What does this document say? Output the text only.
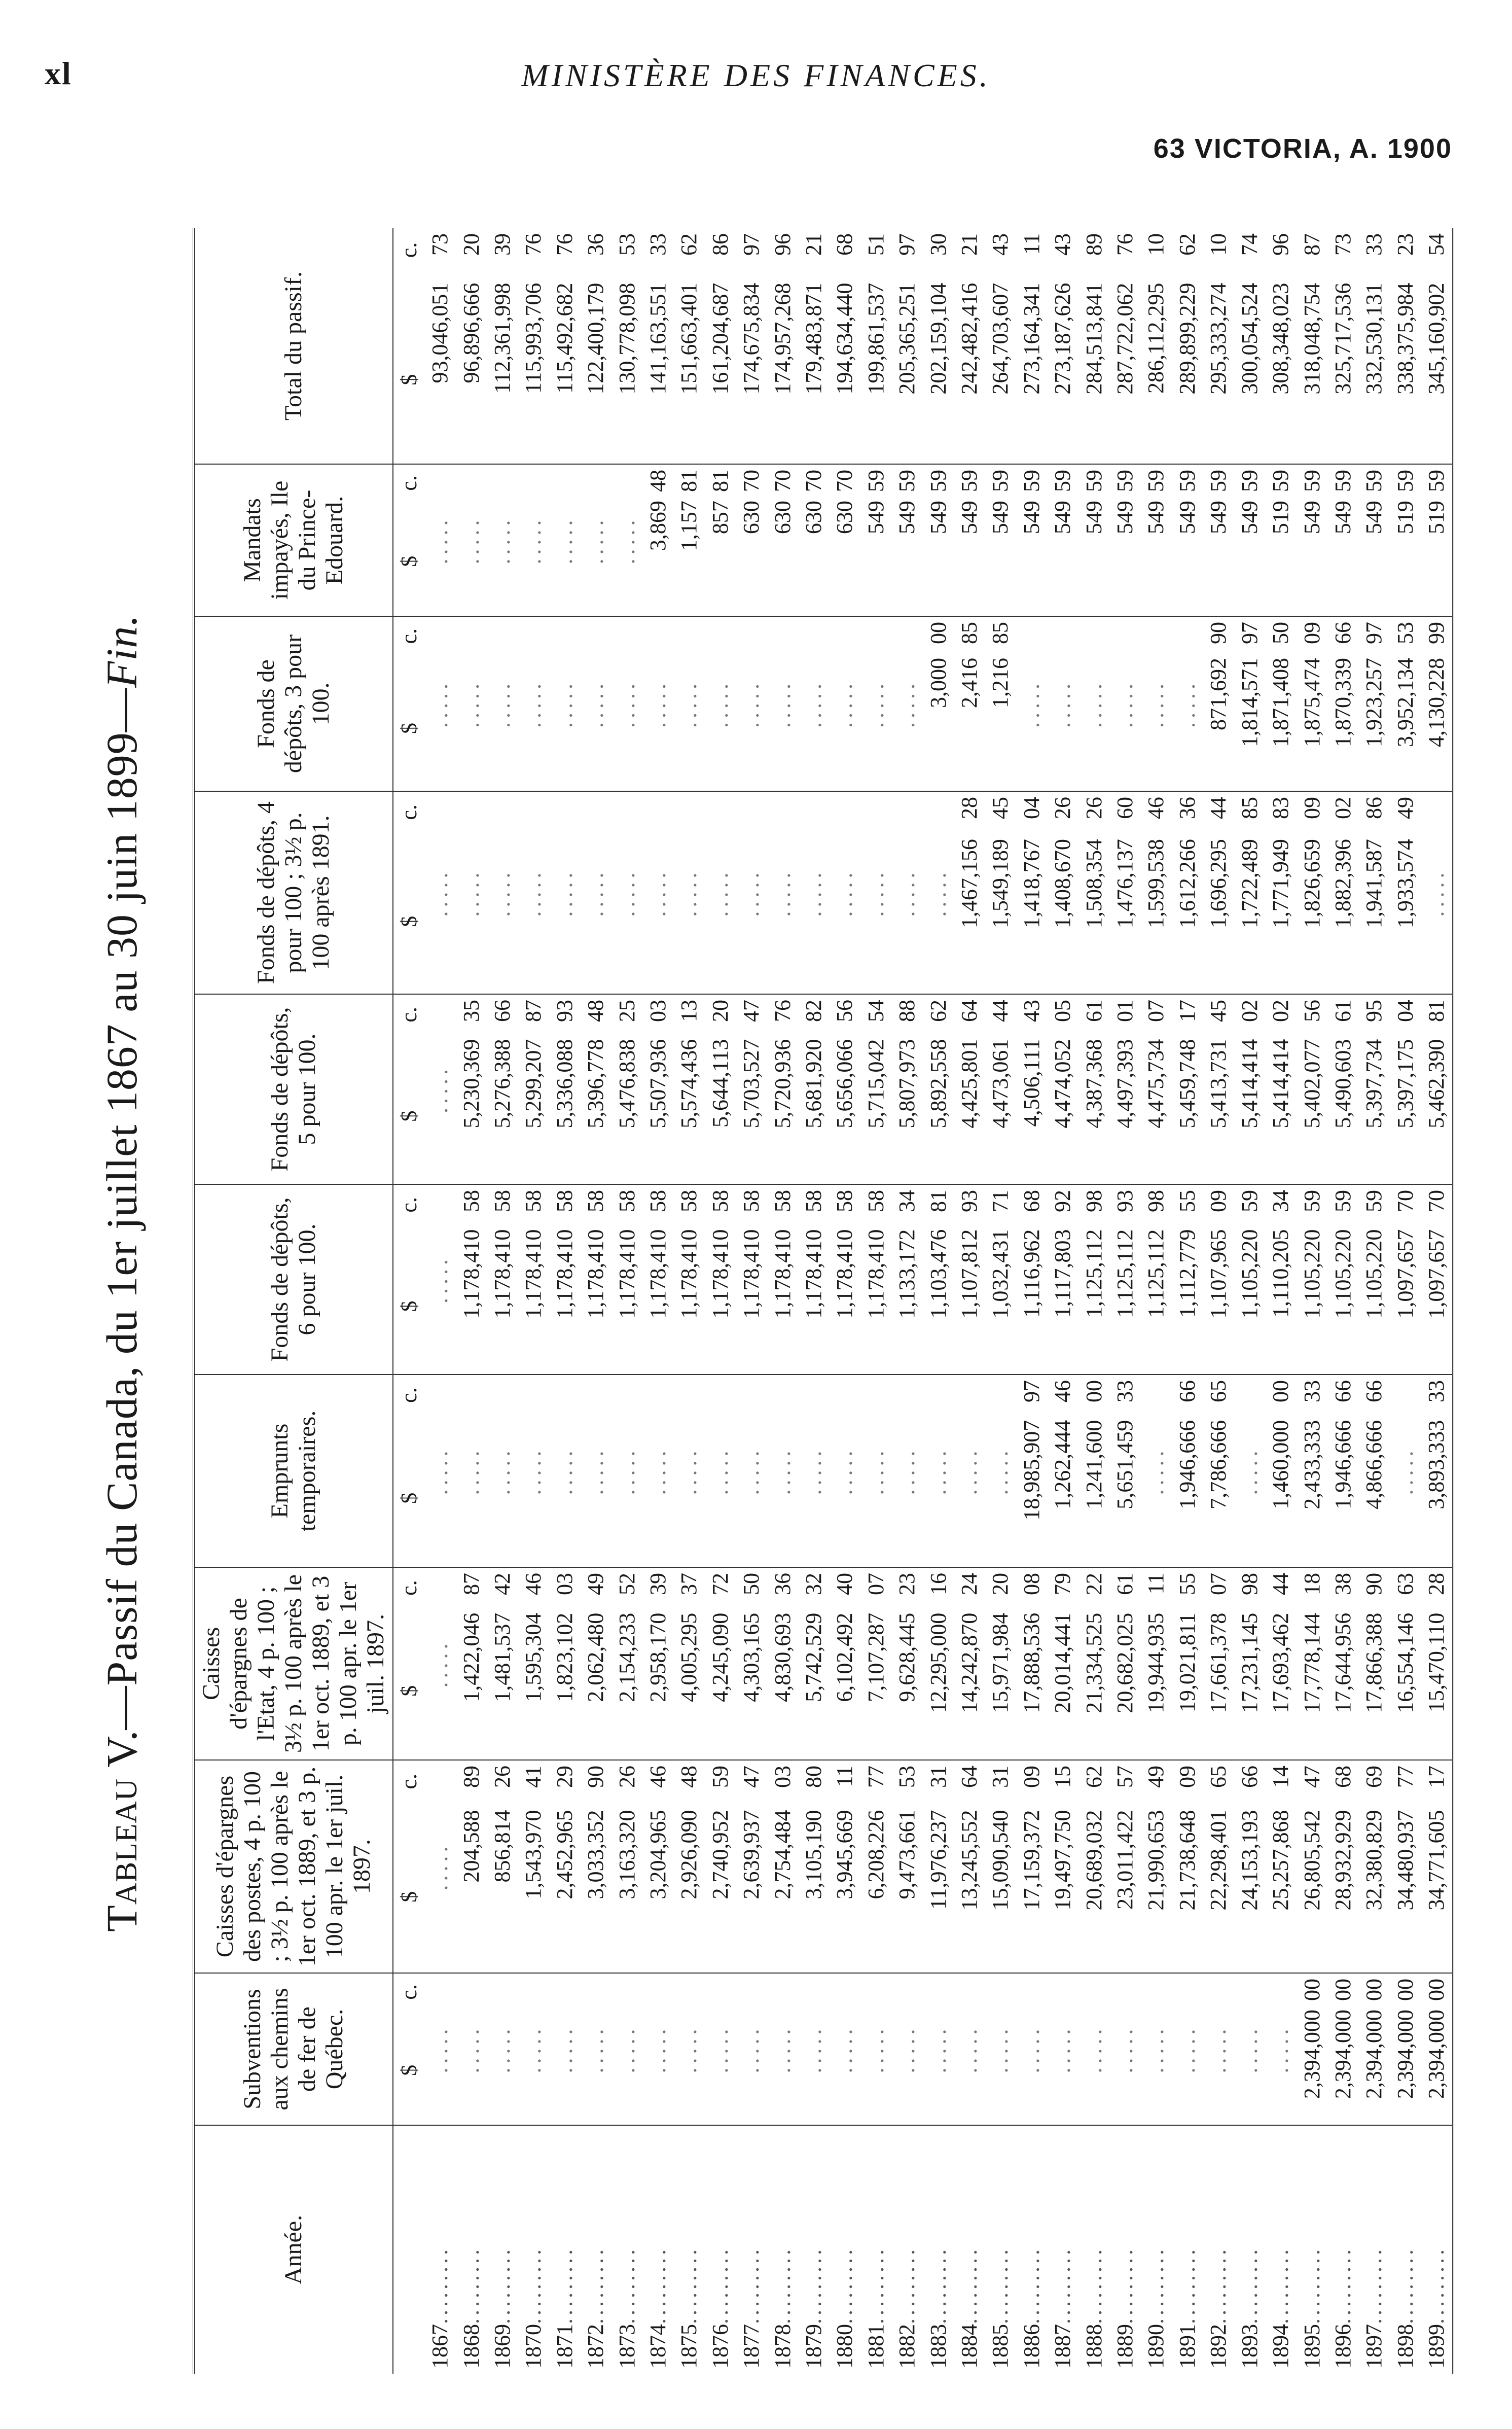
xl	MINISTÈRE DES FINANCES.
63 VICTORIA, A. 1900
Tableau V.—Passif du Canada, du 1er juillet 1867 au 30 juin 1899—Fin.
Année.	Subventions aux chemins de fer de Québec.	Caisses d'épargnes des postes, 4 p. 100 ; 3½ p. 100 après le 1er oct. 1889, et 3 p. 100 apr. le 1er juil. 1897.	Caisses d'épargnes de l'Etat, 4 p. 100 ; 3½ p. 100 après le 1er oct. 1889, et 3 p. 100 apr. le 1er juil. 1897.	Emprunts temporaires.	Fonds de dépôts, 6 pour 100.	Fonds de dépôts, 5 pour 100.	Fonds de dépôts, 4 pour 100 ; 3½ p. 100 après 1891.	Fonds de dépôts, 3 pour 100.	Mandats impayés, Ile du Prince-Edouard.	Total du passif.
	$c.	$c.	$c.	$c.	$c.	$c.	$c.	$c.	$c.	$c.
1867.........	.....	.....	.....	.....	.....	.....	.....	.....	.....	93,046,05173
1868.........	.....	204,58889	1,422,04687	.....	1,178,41058	5,230,36935	.....	.....	.....	96,896,66620
1869.........	.....	856,81426	1,481,53742	.....	1,178,41058	5,276,38866	.....	.....	.....	112,361,99839
1870.........	.....	1,543,97041	1,595,30446	.....	1,178,41058	5,299,20787	.....	.....	.....	115,993,70676
1871.........	.....	2,452,96529	1,823,10203	.....	1,178,41058	5,336,08893	.....	.....	.....	115,492,68276
1872.........	.....	3,033,35290	2,062,48049	.....	1,178,41058	5,396,77848	.....	.....	.....	122,400,17936
1873.........	.....	3,163,32026	2,154,23352	.....	1,178,41058	5,476,83825	.....	.....	.....	130,778,09853
1874.........	.....	3,204,96546	2,958,17039	.....	1,178,41058	5,507,93603	.....	.....	3,86948	141,163,55133
1875.........	.....	2,926,09048	4,005,29537	.....	1,178,41058	5,574,43613	.....	.....	1,15781	151,663,40162
1876.........	.....	2,740,95259	4,245,09072	.....	1,178,41058	5,644,11320	.....	.....	85781	161,204,68786
1877.........	.....	2,639,93747	4,303,16550	.....	1,178,41058	5,703,52747	.....	.....	63070	174,675,83497
1878.........	.....	2,754,48403	4,830,69336	.....	1,178,41058	5,720,93676	.....	.....	63070	174,957,26896
1879.........	.....	3,105,19080	5,742,52932	.....	1,178,41058	5,681,92082	.....	.....	63070	179,483,87121
1880.........	.....	3,945,66911	6,102,49240	.....	1,178,41058	5,656,06656	.....	.....	63070	194,634,44068
1881.........	.....	6,208,22677	7,107,28707	.....	1,178,41058	5,715,04254	.....	.....	54959	199,861,53751
1882.........	.....	9,473,66153	9,628,44523	.....	1,133,17234	5,807,97388	.....	.....	54959	205,365,25197
1883.........	.....	11,976,23731	12,295,00016	.....	1,103,47681	5,892,55862	.....	3,00000	54959	202,159,10430
1884.........	.....	13,245,55264	14,242,87024	.....	1,107,81293	4,425,80164	1,467,15628	2,41685	54959	242,482,41621
1885.........	.....	15,090,54031	15,971,98420	.....	1,032,43171	4,473,06144	1,549,18945	1,21685	54959	264,703,60743
1886.........	.....	17,159,37209	17,888,53608	18,985,90797	1,116,96268	4,506,11143	1,418,76704	.....	54959	273,164,34111
1887.........	.....	19,497,75015	20,014,44179	1,262,44446	1,117,80392	4,474,05205	1,408,67026	.....	54959	273,187,62643
1888.........	.....	20,689,03262	21,334,52522	1,241,60000	1,125,11298	4,387,36861	1,508,35426	.....	54959	284,513,84189
1889.........	.....	23,011,42257	20,682,02561	5,651,45933	1,125,11293	4,497,39301	1,476,13760	.....	54959	287,722,06276
1890.........	.....	21,990,65349	19,944,93511	.....	1,125,11298	4,475,73407	1,599,53846	.....	54959	286,112,29510
1891.........	.....	21,738,64809	19,021,81155	1,946,66666	1,112,77955	5,459,74817	1,612,26636	.....	54959	289,899,22962
1892.........	.....	22,298,40165	17,661,37807	7,786,66665	1,107,96509	5,413,73145	1,696,29544	871,69290	54959	295,333,27410
1893.........	.....	24,153,19366	17,231,14598	.....	1,105,22059	5,414,41402	1,722,48985	1,814,57197	54959	300,054,52474
1894.........	.....	25,257,86814	17,693,46244	1,460,00000	1,110,20534	5,414,41402	1,771,94983	1,871,40850	51959	308,348,02396
1895.........	2,394,00000	26,805,54247	17,778,14418	2,433,33333	1,105,22059	5,402,07756	1,826,65909	1,875,47409	54959	318,048,75487
1896.........	2,394,00000	28,932,92968	17,644,95638	1,946,66666	1,105,22059	5,490,60361	1,882,39602	1,870,33966	54959	325,717,53673
1897.........	2,394,00000	32,380,82969	17,866,38890	4,866,66666	1,105,22059	5,397,73495	1,941,58786	1,923,25797	54959	332,530,13133
1898.........	2,394,00000	34,480,93777	16,554,14663	.....	1,097,65770	5,397,17504	1,933,57449	3,952,13453	51959	338,375,98423
1899.........	2,394,00000	34,771,60517	15,470,11028	3,893,33333	1,097,65770	5,462,39081	.....	4,130,22899	51959	345,160,90254
